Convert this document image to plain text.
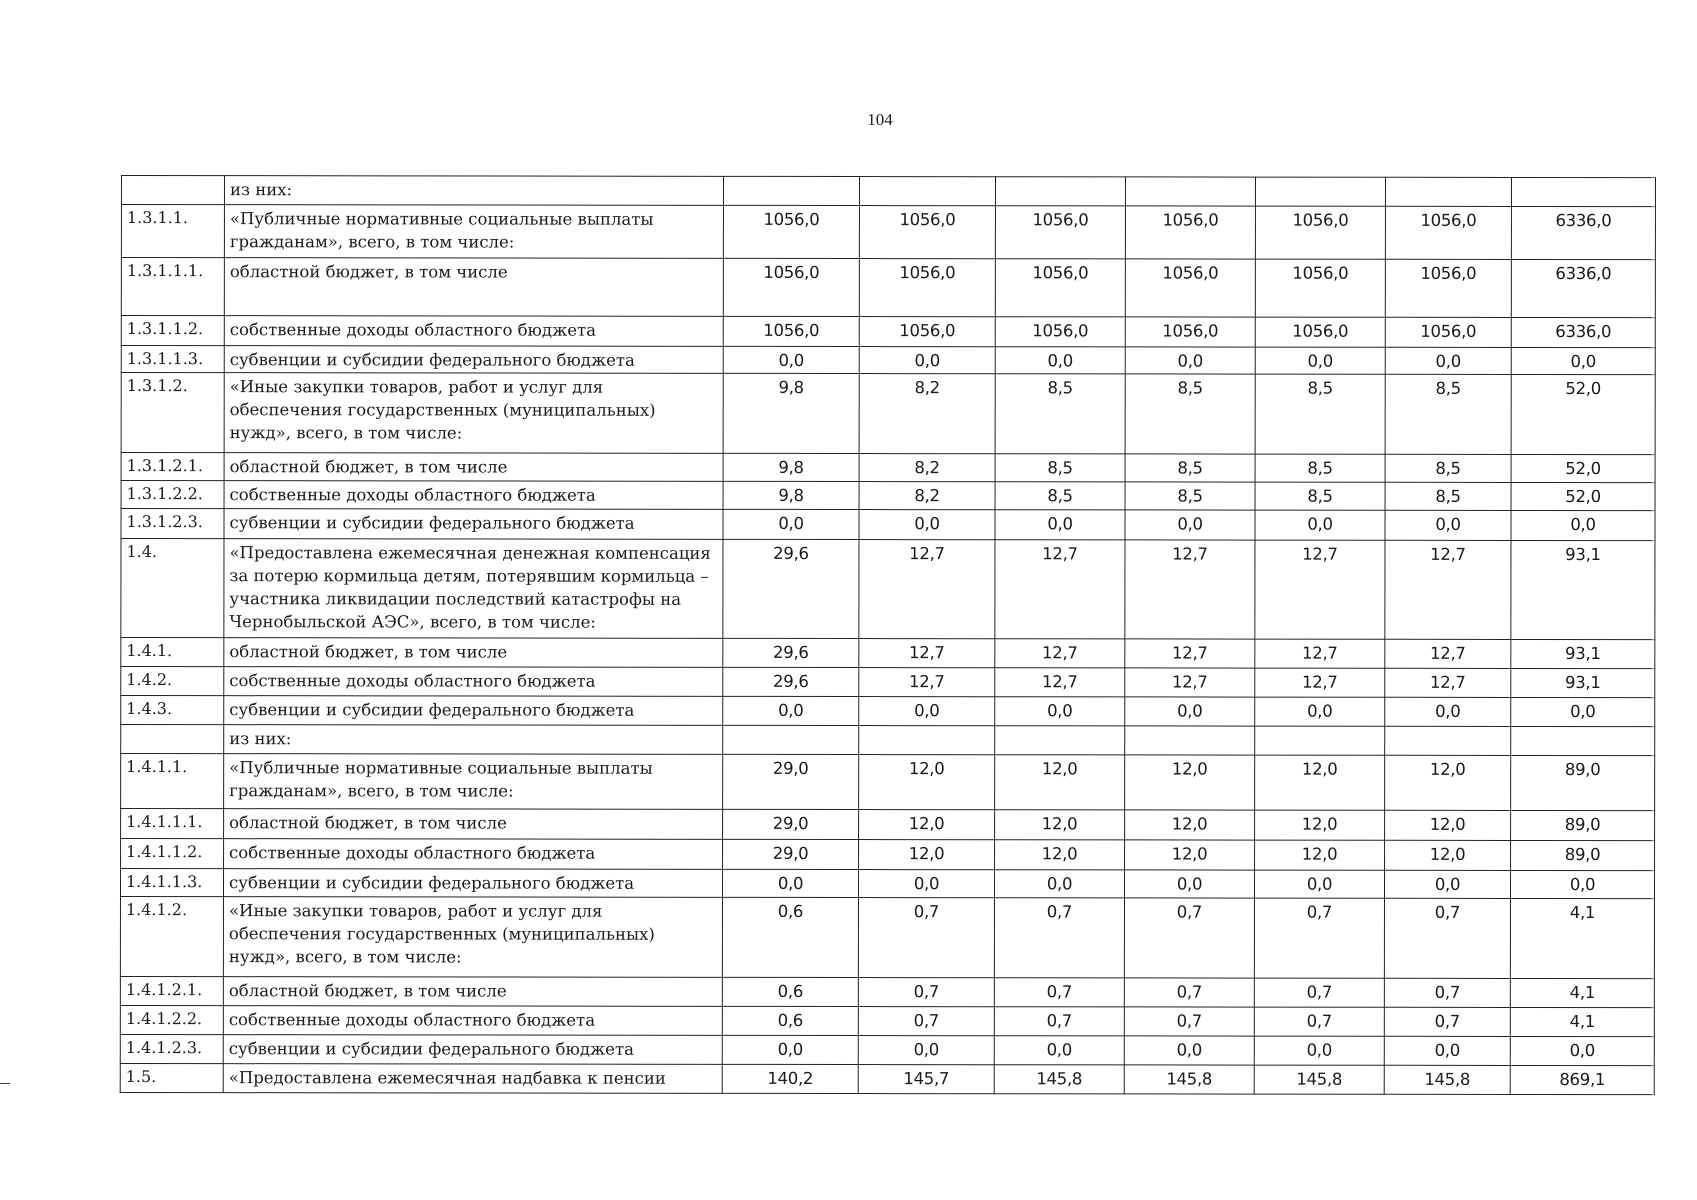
104
	из них:							
1.3.1.1.	«Публичные нормативные социальные выплаты гражданам», всего, в том числе:	1056,0	1056,0	1056,0	1056,0	1056,0	1056,0	6336,0
1.3.1.1.1.	областной бюджет, в том числе	1056,0	1056,0	1056,0	1056,0	1056,0	1056,0	6336,0
1.3.1.1.2.	собственные доходы областного бюджета	1056,0	1056,0	1056,0	1056,0	1056,0	1056,0	6336,0
1.3.1.1.3.	субвенции и субсидии федерального бюджета	0,0	0,0	0,0	0,0	0,0	0,0	0,0
1.3.1.2.	«Иные закупки товаров, работ и услуг для обеспечения государственных (муниципальных) нужд», всего, в том числе:	9,8	8,2	8,5	8,5	8,5	8,5	52,0
1.3.1.2.1.	областной бюджет, в том числе	9,8	8,2	8,5	8,5	8,5	8,5	52,0
1.3.1.2.2.	собственные доходы областного бюджета	9,8	8,2	8,5	8,5	8,5	8,5	52,0
1.3.1.2.3.	субвенции и субсидии федерального бюджета	0,0	0,0	0,0	0,0	0,0	0,0	0,0
1.4.	«Предоставлена ежемесячная денежная компенсация за потерю кормильца детям, потерявшим кормильца – участника ликвидации последствий катастрофы на Чернобыльской АЭС», всего, в том числе:	29,6	12,7	12,7	12,7	12,7	12,7	93,1
1.4.1.	областной бюджет, в том числе	29,6	12,7	12,7	12,7	12,7	12,7	93,1
1.4.2.	собственные доходы областного бюджета	29,6	12,7	12,7	12,7	12,7	12,7	93,1
1.4.3.	субвенции и субсидии федерального бюджета	0,0	0,0	0,0	0,0	0,0	0,0	0,0
	из них:							
1.4.1.1.	«Публичные нормативные социальные выплаты гражданам», всего, в том числе:	29,0	12,0	12,0	12,0	12,0	12,0	89,0
1.4.1.1.1.	областной бюджет, в том числе	29,0	12,0	12,0	12,0	12,0	12,0	89,0
1.4.1.1.2.	собственные доходы областного бюджета	29,0	12,0	12,0	12,0	12,0	12,0	89,0
1.4.1.1.3.	субвенции и субсидии федерального бюджета	0,0	0,0	0,0	0,0	0,0	0,0	0,0
1.4.1.2.	«Иные закупки товаров, работ и услуг для обеспечения государственных (муниципальных) нужд», всего, в том числе:	0,6	0,7	0,7	0,7	0,7	0,7	4,1
1.4.1.2.1.	областной бюджет, в том числе	0,6	0,7	0,7	0,7	0,7	0,7	4,1
1.4.1.2.2.	собственные доходы областного бюджета	0,6	0,7	0,7	0,7	0,7	0,7	4,1
1.4.1.2.3.	субвенции и субсидии федерального бюджета	0,0	0,0	0,0	0,0	0,0	0,0	0,0
1.5.	«Предоставлена ежемесячная надбавка к пенсии	140,2	145,7	145,8	145,8	145,8	145,8	869,1
